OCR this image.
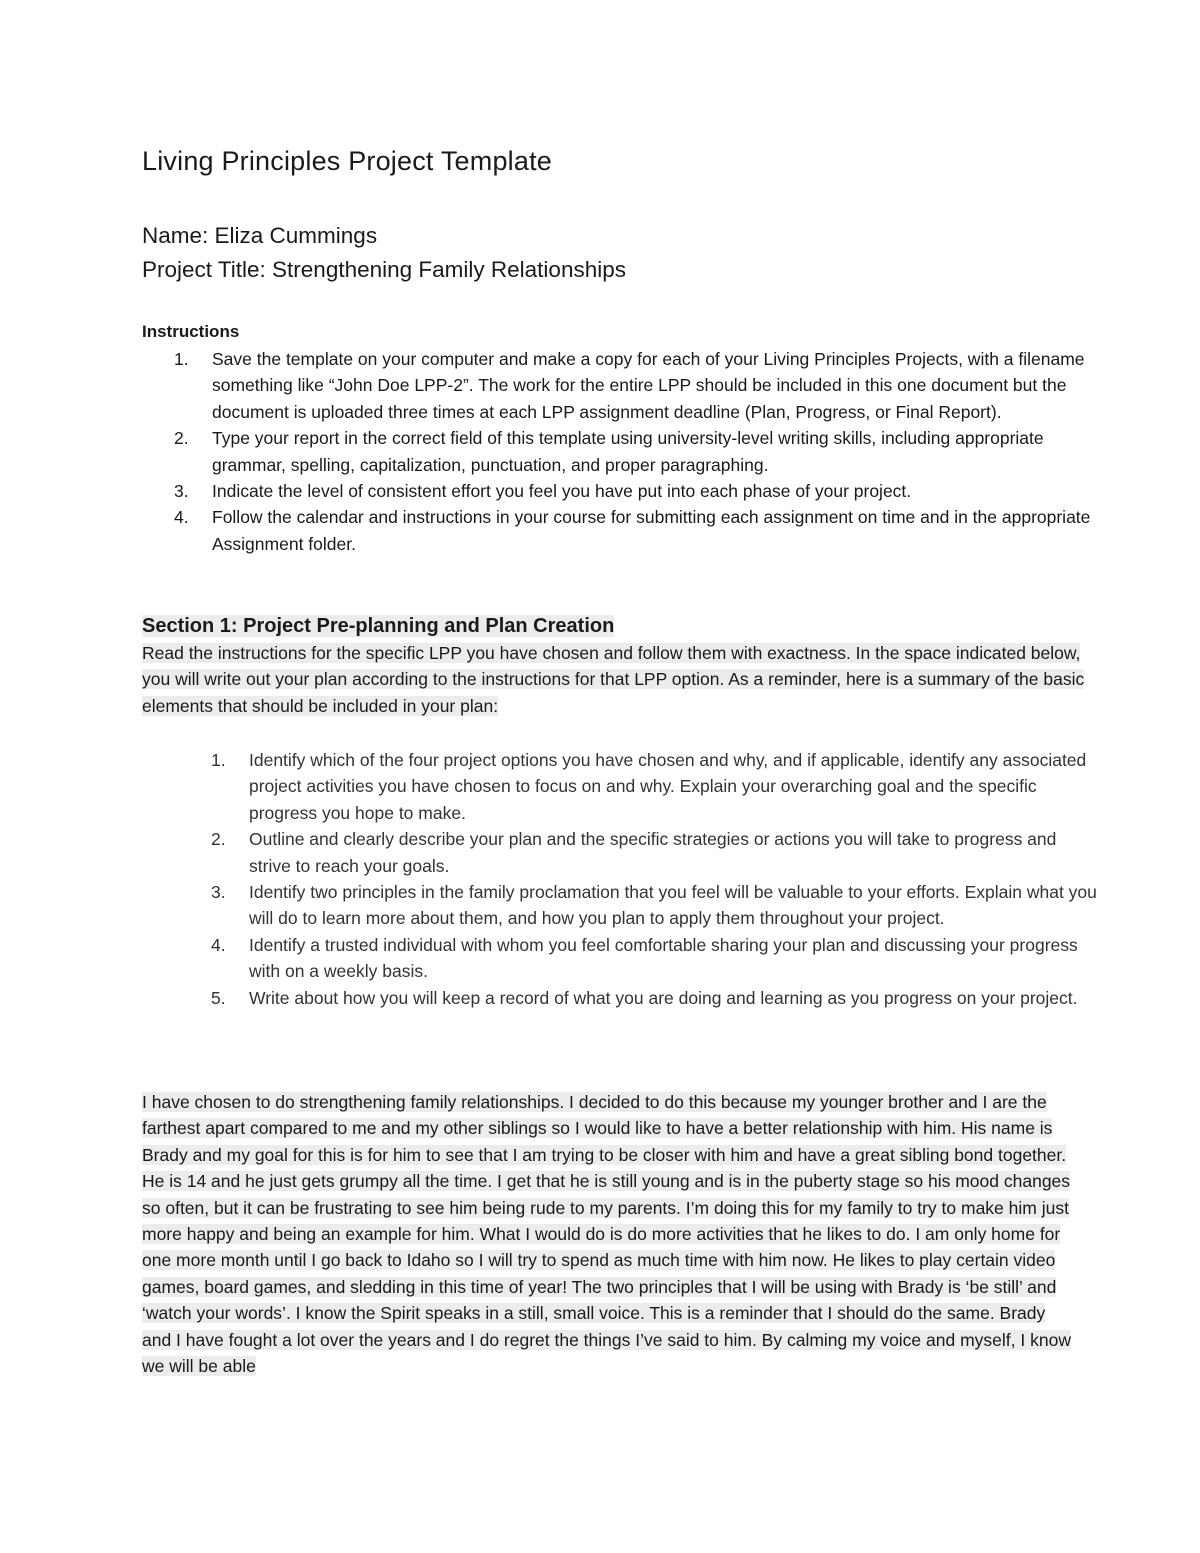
Living Principles Project Template

Name: Eliza Cummings

Project Title: Strengthening Family Relationships

Instructions
1. Save the template on your computer and make a copy for each of your Living Principles Projects, with a filename something like “John Doe LPP-2”. The work for the entire LPP should be included in this one document but the document is uploaded three times at each LPP assignment deadline (Plan, Progress, or Final Report).
2. Type your report in the correct field of this template using university-level writing skills, including appropriate grammar, spelling, capitalization, punctuation, and proper paragraphing.
3. Indicate the level of consistent effort you feel you have put into each phase of your project.
4. Follow the calendar and instructions in your course for submitting each assignment on time and in the appropriate Assignment folder.
Section 1: Project Pre-planning and Plan Creation

Read the instructions for the specific LPP you have chosen and follow them with exactness. In the space indicated below, you will write out your plan according to the instructions for that LPP option. As a reminder, here is a summary of the basic elements that should be included in your plan:

1. Identify which of the four project options you have chosen and why, and if applicable, identify any associated project activities you have chosen to focus on and why. Explain your overarching goal and the specific progress you hope to make.
2. Outline and clearly describe your plan and the specific strategies or actions you will take to progress and strive to reach your goals.
3. Identify two principles in the family proclamation that you feel will be valuable to your efforts. Explain what you will do to learn more about them, and how you plan to apply them throughout your project.
4. Identify a trusted individual with whom you feel comfortable sharing your plan and discussing your progress with on a weekly basis.
5. Write about how you will keep a record of what you are doing and learning as you progress on your project.

I have chosen to do strengthening family relationships. I decided to do this because my younger brother and I are the farthest apart compared to me and my other siblings so I would like to have a better relationship with him. His name is Brady and my goal for this is for him to see that I am trying to be closer with him and have a great sibling bond together. He is 14 and he just gets grumpy all the time. I get that he is still young and is in the puberty stage so his mood changes so often, but it can be frustrating to see him being rude to my parents. I’m doing this for my family to try to make him just more happy and being an example for him. What I would do is do more activities that he likes to do. I am only home for one more month until I go back to Idaho so I will try to spend as much time with him now. He likes to play certain video games, board games, and sledding in this time of year! The two principles that I will be using with Brady is ‘be still’ and ‘watch your words’. I know the Spirit speaks in a still, small voice. This is a reminder that I should do the same. Brady and I have fought a lot over the years and I do regret the things I’ve said to him. By calming my voice and myself, I know we will be able
